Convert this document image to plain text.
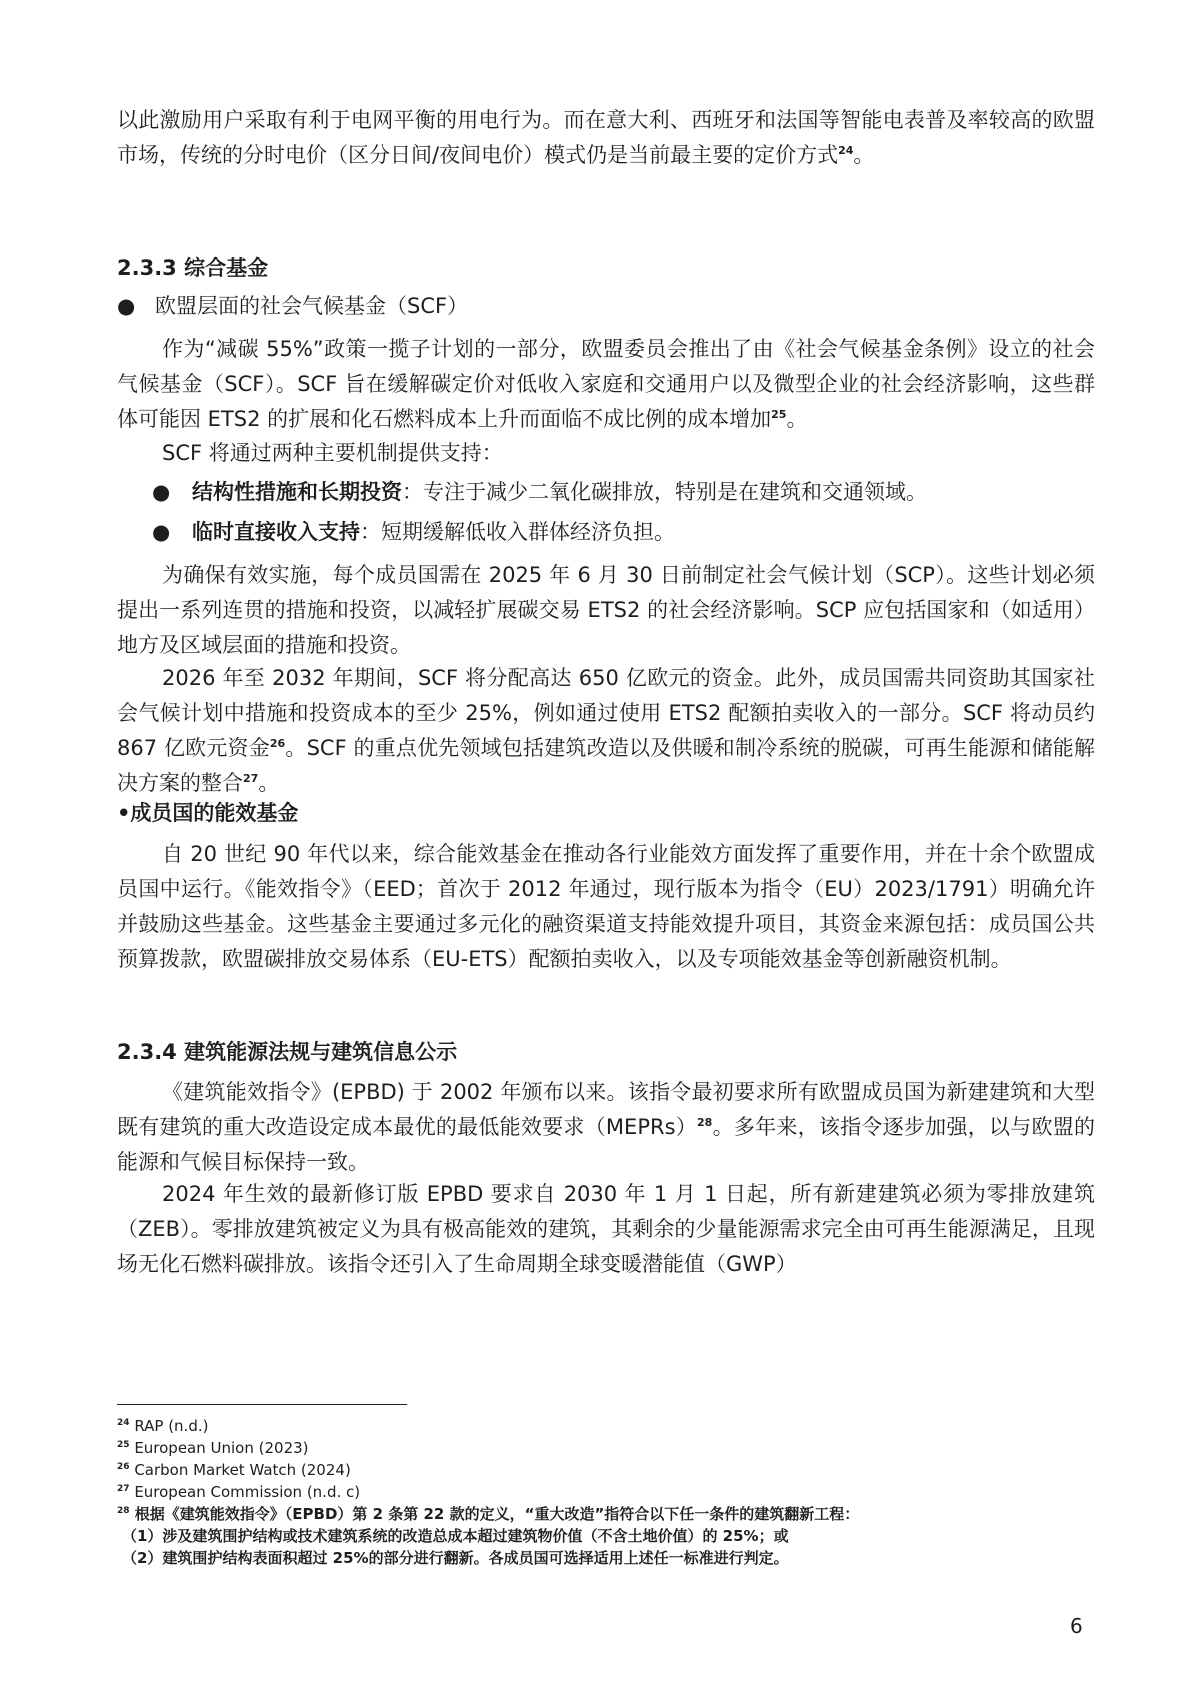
以此激励用户采取有利于电网平衡的用电行为。而在意大利、西班牙和法国等智能电表普及率较高的欧盟市场，传统的分时电价（区分日间/夜间电价）模式仍是当前最主要的定价方式$^{24}$。
2.3.3 综合基金
● 欧盟层面的社会气候基金（SCF）
作为“减碳 55%”政策一揽子计划的一部分，欧盟委员会推出了由《社会气候基金条例》设立的社会气候基金（SCF）。SCF 旨在缓解碳定价对低收入家庭和交通用户以及微型企业的社会经济影响，这些群体可能因 ETS2 的扩展和化石燃料成本上升而面临不成比例的成本增加$^{25}$。
SCF 将通过两种主要机制提供支持：
● 结构性措施和长期投资：专注于减少二氧化碳排放，特别是在建筑和交通领域。
● 临时直接收入支持：短期缓解低收入群体经济负担。
为确保有效实施，每个成员国需在 2025 年 6 月 30 日前制定社会气候计划（SCP）。这些计划必须提出一系列连贯的措施和投资，以减轻扩展碳交易 ETS2 的社会经济影响。SCP 应包括国家和（如适用）地方及区域层面的措施和投资。
2026 年至 2032 年期间，SCF 将分配高达 650 亿欧元的资金。此外，成员国需共同资助其国家社会气候计划中措施和投资成本的至少 25%，例如通过使用 ETS2 配额拍卖收入的一部分。SCF 将动员约 867 亿欧元资金$^{26}$。SCF 的重点优先领域包括建筑改造以及供暖和制冷系统的脱碳，可再生能源和储能解决方案的整合$^{27}$。
•成员国的能效基金
自 20 世纪 90 年代以来，综合能效基金在推动各行业能效方面发挥了重要作用，并在十余个欧盟成员国中运行。《能效指令》（EED；首次于 2012 年通过，现行版本为指令（EU）2023/1791）明确允许并鼓励这些基金。这些基金主要通过多元化的融资渠道支持能效提升项目，其资金来源包括：成员国公共预算拨款，欧盟碳排放交易体系（EU-ETS）配额拍卖收入，以及专项能效基金等创新融资机制。
2.3.4 建筑能源法规与建筑信息公示
《建筑能效指令》(EPBD) 于 2002 年颁布以来。该指令最初要求所有欧盟成员国为新建建筑和大型既有建筑的重大改造设定成本最优的最低能效要求（MEPRs）$^{28}$。多年来，该指令逐步加强，以与欧盟的能源和气候目标保持一致。
2024 年生效的最新修订版 EPBD 要求自 2030 年 1 月 1 日起，所有新建建筑必须为零排放建筑（ZEB）。零排放建筑被定义为具有极高能效的建筑，其剩余的少量能源需求完全由可再生能源满足，且现场无化石燃料碳排放。该指令还引入了生命周期全球变暖潜能值（GWP）
$^{24}$ RAP (n.d.)
$^{25}$ European Union (2023)
$^{26}$ Carbon Market Watch (2024)
$^{27}$ European Commission (n.d. c)
$^{28}$ 根据《建筑能效指令》（EPBD）第 2 条第 22 款的定义，“重大改造”指符合以下任一条件的建筑翻新工程：
（1）涉及建筑围护结构或技术建筑系统的改造总成本超过建筑物价值（不含土地价值）的 25%；或
（2）建筑围护结构表面积超过 25%的部分进行翻新。各成员国可选择适用上述任一标准进行判定。
6
